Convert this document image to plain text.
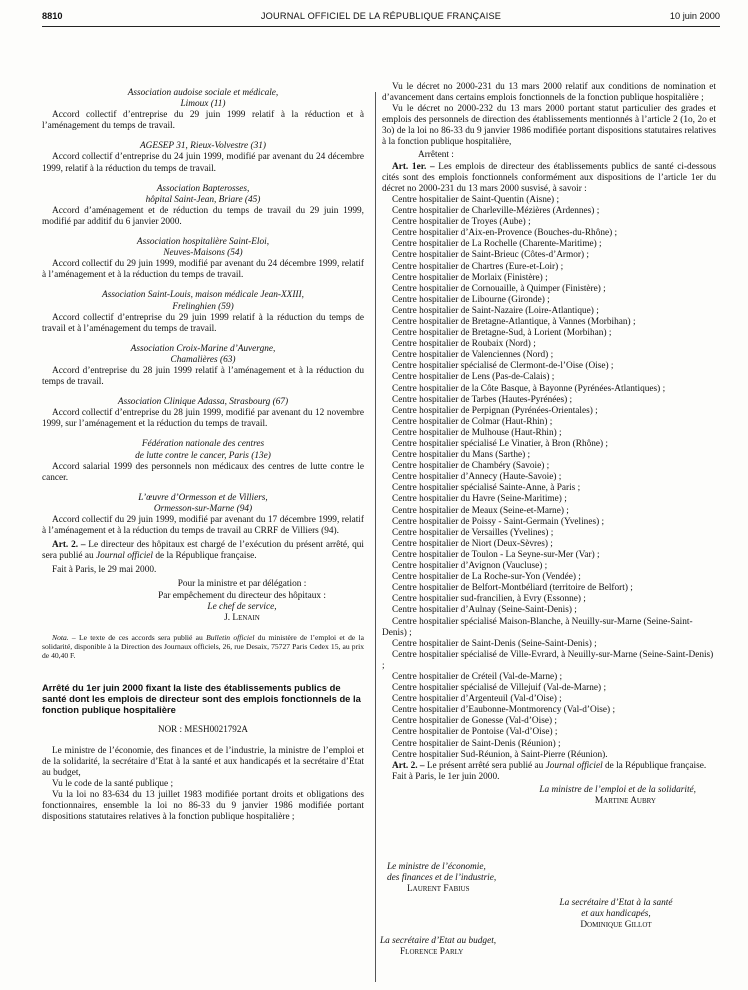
8810	JOURNAL OFFICIEL DE LA RÉPUBLIQUE FRANÇAISE	10 juin 2000
Association audoise sociale et médicale,
Limoux (11)

Accord collectif d’entreprise du 29 juin 1999 relatif à la réduction et à l’aménagement du temps de travail.

AGESEP 31, Rieux-Volvestre (31)

Accord collectif d’entreprise du 24 juin 1999, modifié par avenant du 24 décembre 1999, relatif à la réduction du temps de travail.

Association Bapterosses,
hôpital Saint-Jean, Briare (45)

Accord d’aménagement et de réduction du temps de travail du 29 juin 1999, modifié par additif du 6 janvier 2000.

Association hospitalière Saint-Eloi,
Neuves-Maisons (54)

Accord collectif du 29 juin 1999, modifié par avenant du 24 décembre 1999, relatif à l’aménagement et à la réduction du temps de travail.

Association Saint-Louis, maison médicale Jean-XXIII,
Frelinghien (59)

Accord collectif d’entreprise du 29 juin 1999 relatif à la réduction du temps de travail et à l’aménagement du temps de travail.

Association Croix-Marine d’Auvergne,
Chamalières (63)

Accord d’entreprise du 28 juin 1999 relatif à l’aménagement et à la réduction du temps de travail.

Association Clinique Adassa, Strasbourg (67)

Accord collectif d’entreprise du 28 juin 1999, modifié par avenant du 12 novembre 1999, sur l’aménagement et la réduction du temps de travail.

Fédération nationale des centres
de lutte contre le cancer, Paris (13e)

Accord salarial 1999 des personnels non médicaux des centres de lutte contre le cancer.

L’œuvre d’Ormesson et de Villiers,
Ormesson-sur-Marne (94)

Accord collectif du 29 juin 1999, modifié par avenant du 17 décembre 1999, relatif à l’aménagement et à la réduction du temps de travail au CRRF de Villiers (94).

Art. 2. – Le directeur des hôpitaux est chargé de l’exécution du présent arrêté, qui sera publié au Journal officiel de la République française.

Fait à Paris, le 29 mai 2000.

Pour la ministre et par délégation :
Par empêchement du directeur des hôpitaux :
Le chef de service,
J. Lenain

Nota. – Le texte de ces accords sera publié au Bulletin officiel du ministère de l’emploi et de la solidarité, disponible à la Direction des Journaux officiels, 26, rue Desaix, 75727 Paris Cedex 15, au prix de 40,40 F.

Arrêté du 1er juin 2000 fixant la liste des établissements publics de santé dont les emplois de directeur sont des emplois fonctionnels de la fonction publique hospitalière

NOR : MESH0021792A

Le ministre de l’économie, des finances et de l’industrie, la ministre de l’emploi et de la solidarité, la secrétaire d’Etat à la santé et aux handicapés et la secrétaire d’Etat au budget,

Vu le code de la santé publique ;

Vu la loi no 83-634 du 13 juillet 1983 modifiée portant droits et obligations des fonctionnaires, ensemble la loi no 86-33 du 9 janvier 1986 modifiée portant dispositions statutaires relatives à la fonction publique hospitalière ;

Vu le décret no 2000-231 du 13 mars 2000 relatif aux conditions de nomination et d’avancement dans certains emplois fonctionnels de la fonction publique hospitalière ;

Vu le décret no 2000-232 du 13 mars 2000 portant statut particulier des grades et emplois des personnels de direction des établissements mentionnés à l’article 2 (1o, 2o et 3o) de la loi no 86-33 du 9 janvier 1986 modifiée portant dispositions statutaires relatives à la fonction publique hospitalière,

Arrêtent :

Art. 1er. – Les emplois de directeur des établissements publics de santé ci-dessous cités sont des emplois fonctionnels conformément aux dispositions de l’article 1er du décret no 2000-231 du 13 mars 2000 susvisé, à savoir :

Centre hospitalier de Saint-Quentin (Aisne) ;
Centre hospitalier de Charleville-Mézières (Ardennes) ;
Centre hospitalier de Troyes (Aube) ;
Centre hospitalier d’Aix-en-Provence (Bouches-du-Rhône) ;
Centre hospitalier de La Rochelle (Charente-Maritime) ;
Centre hospitalier de Saint-Brieuc (Côtes-d’Armor) ;
Centre hospitalier de Chartres (Eure-et-Loir) ;
Centre hospitalier de Morlaix (Finistère) ;
Centre hospitalier de Cornouaille, à Quimper (Finistère) ;
Centre hospitalier de Libourne (Gironde) ;
Centre hospitalier de Saint-Nazaire (Loire-Atlantique) ;
Centre hospitalier de Bretagne-Atlantique, à Vannes (Morbihan) ;
Centre hospitalier de Bretagne-Sud, à Lorient (Morbihan) ;
Centre hospitalier de Roubaix (Nord) ;
Centre hospitalier de Valenciennes (Nord) ;
Centre hospitalier spécialisé de Clermont-de-l’Oise (Oise) ;
Centre hospitalier de Lens (Pas-de-Calais) ;
Centre hospitalier de la Côte Basque, à Bayonne (Pyrénées-Atlantiques) ;
Centre hospitalier de Tarbes (Hautes-Pyrénées) ;
Centre hospitalier de Perpignan (Pyrénées-Orientales) ;
Centre hospitalier de Colmar (Haut-Rhin) ;
Centre hospitalier de Mulhouse (Haut-Rhin) ;
Centre hospitalier spécialisé Le Vinatier, à Bron (Rhône) ;
Centre hospitalier du Mans (Sarthe) ;
Centre hospitalier de Chambéry (Savoie) ;
Centre hospitalier d’Annecy (Haute-Savoie) ;
Centre hospitalier spécialisé Sainte-Anne, à Paris ;
Centre hospitalier du Havre (Seine-Maritime) ;
Centre hospitalier de Meaux (Seine-et-Marne) ;
Centre hospitalier de Poissy - Saint-Germain (Yvelines) ;
Centre hospitalier de Versailles (Yvelines) ;
Centre hospitalier de Niort (Deux-Sèvres) ;
Centre hospitalier de Toulon - La Seyne-sur-Mer (Var) ;
Centre hospitalier d’Avignon (Vaucluse) ;
Centre hospitalier de La Roche-sur-Yon (Vendée) ;
Centre hospitalier de Belfort-Montbéliard (territoire de Belfort) ;
Centre hospitalier sud-francilien, à Evry (Essonne) ;
Centre hospitalier d’Aulnay (Seine-Saint-Denis) ;
Centre hospitalier spécialisé Maison-Blanche, à Neuilly-sur-Marne (Seine-Saint-Denis) ;
Centre hospitalier de Saint-Denis (Seine-Saint-Denis) ;
Centre hospitalier spécialisé de Ville-Evrard, à Neuilly-sur-Marne (Seine-Saint-Denis) ;
Centre hospitalier de Créteil (Val-de-Marne) ;
Centre hospitalier spécialisé de Villejuif (Val-de-Marne) ;
Centre hospitalier d’Argenteuil (Val-d’Oise) ;
Centre hospitalier d’Eaubonne-Montmorency (Val-d’Oise) ;
Centre hospitalier de Gonesse (Val-d’Oise) ;
Centre hospitalier de Pontoise (Val-d’Oise) ;
Centre hospitalier de Saint-Denis (Réunion) ;
Centre hospitalier Sud-Réunion, à Saint-Pierre (Réunion).

Art. 2. – Le présent arrêté sera publié au Journal officiel de la République française.

Fait à Paris, le 1er juin 2000.

La ministre de l’emploi et de la solidarité,
Martine Aubry
Le ministre de l’économie,
des finances et de l’industrie,
Laurent Fabius
La secrétaire d’Etat à la santé
et aux handicapés,
Dominique Gillot
La secrétaire d’Etat au budget,
Florence Parly
